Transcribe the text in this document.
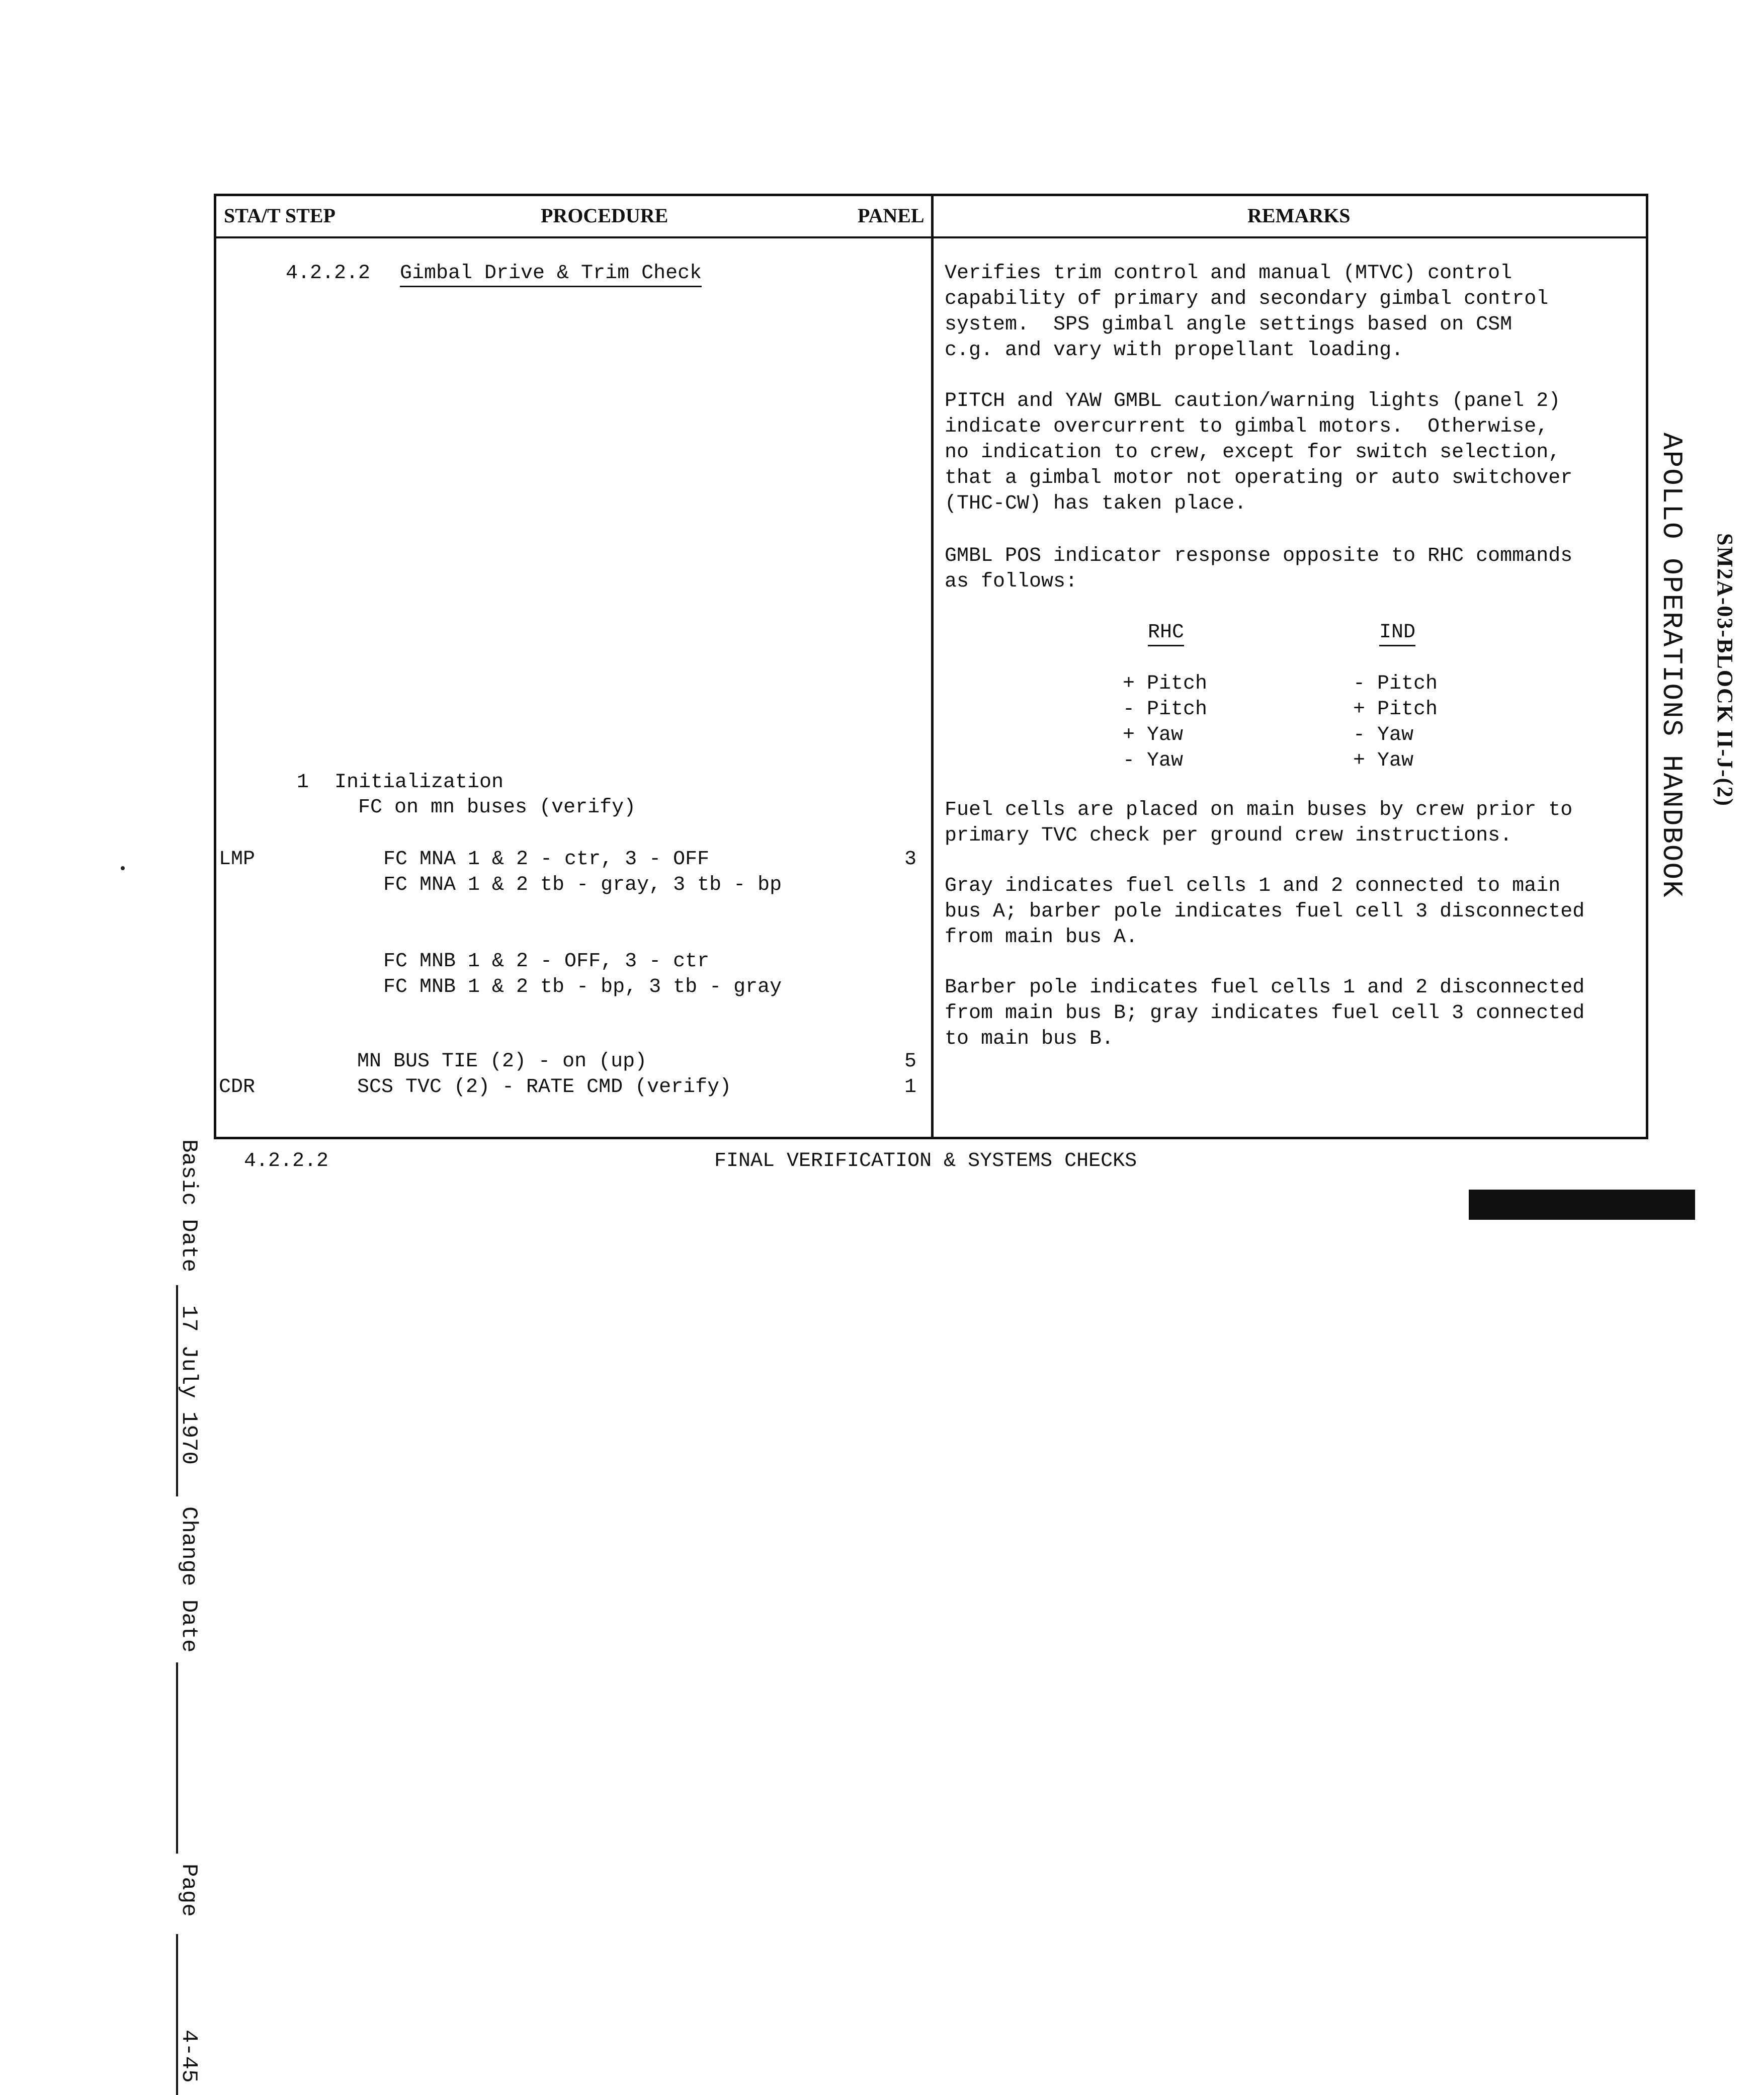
STA/T STEP	PROCEDURE	PANEL	REMARKS
4.2.2.2 Gimbal Drive & Trim Check
1 Initialization
FC on mn buses (verify)
LMP	FC MNA 1 & 2 - ctr, 3 - OFF	3
FC MNA 1 & 2 tb - gray, 3 tb - bp
FC MNB 1 & 2 - OFF, 3 - ctr
FC MNB 1 & 2 tb - bp, 3 tb - gray
MN BUS TIE (2) - on (up)	5
CDR	SCS TVC (2) - RATE CMD (verify)	1
Verifies trim control and manual (MTVC) control
capability of primary and secondary gimbal control
system.  SPS gimbal angle settings based on CSM
c.g. and vary with propellant loading.
PITCH and YAW GMBL caution/warning lights (panel 2)
indicate overcurrent to gimbal motors.  Otherwise,
no indication to crew, except for switch selection,
that a gimbal motor not operating or auto switchover
(THC-CW) has taken place.
GMBL POS indicator response opposite to RHC commands
as follows:
RHC	IND
+ Pitch	- Pitch
- Pitch	+ Pitch
+ Yaw	- Yaw
- Yaw	+ Yaw
Fuel cells are placed on main buses by crew prior to
primary TVC check per ground crew instructions.
Gray indicates fuel cells 1 and 2 connected to main
bus A; barber pole indicates fuel cell 3 disconnected
from main bus A.
Barber pole indicates fuel cells 1 and 2 disconnected
from main bus B; gray indicates fuel cell 3 connected
to main bus B.
4.2.2.2	FINAL VERIFICATION & SYSTEMS CHECKS
Basic Date
17 July 1970
Change Date
Page
4-45
APOLLO OPERATIONS HANDBOOK SM2A-03-BLOCK II-J-(2)
